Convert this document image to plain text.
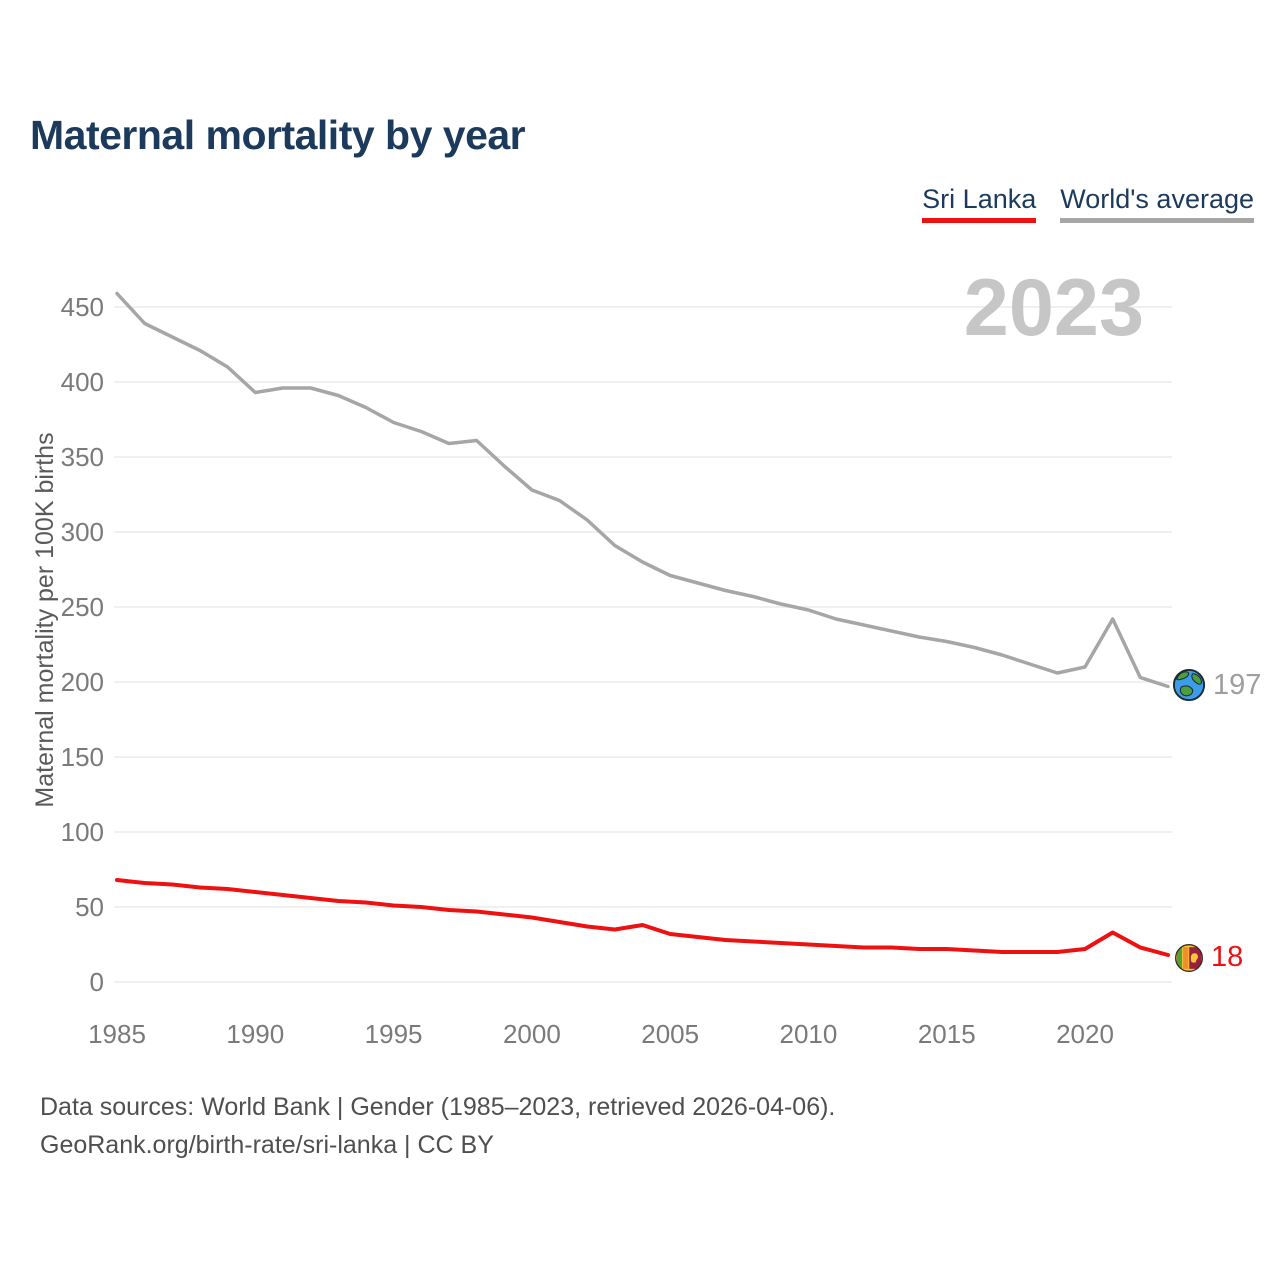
0
50
100
150
200
250
300
350
400
450
1985	1990	1995	2000	2005	2010	2015	2020
Maternal mortality by year
Sri Lanka World's average
2023
Maternal mortality per 100K births	197
18
Data sources: World Bank | Gender (1985–2023, retrieved 2026-04-06).
GeoRank.org/birth-rate/sri-lanka | CC BY
